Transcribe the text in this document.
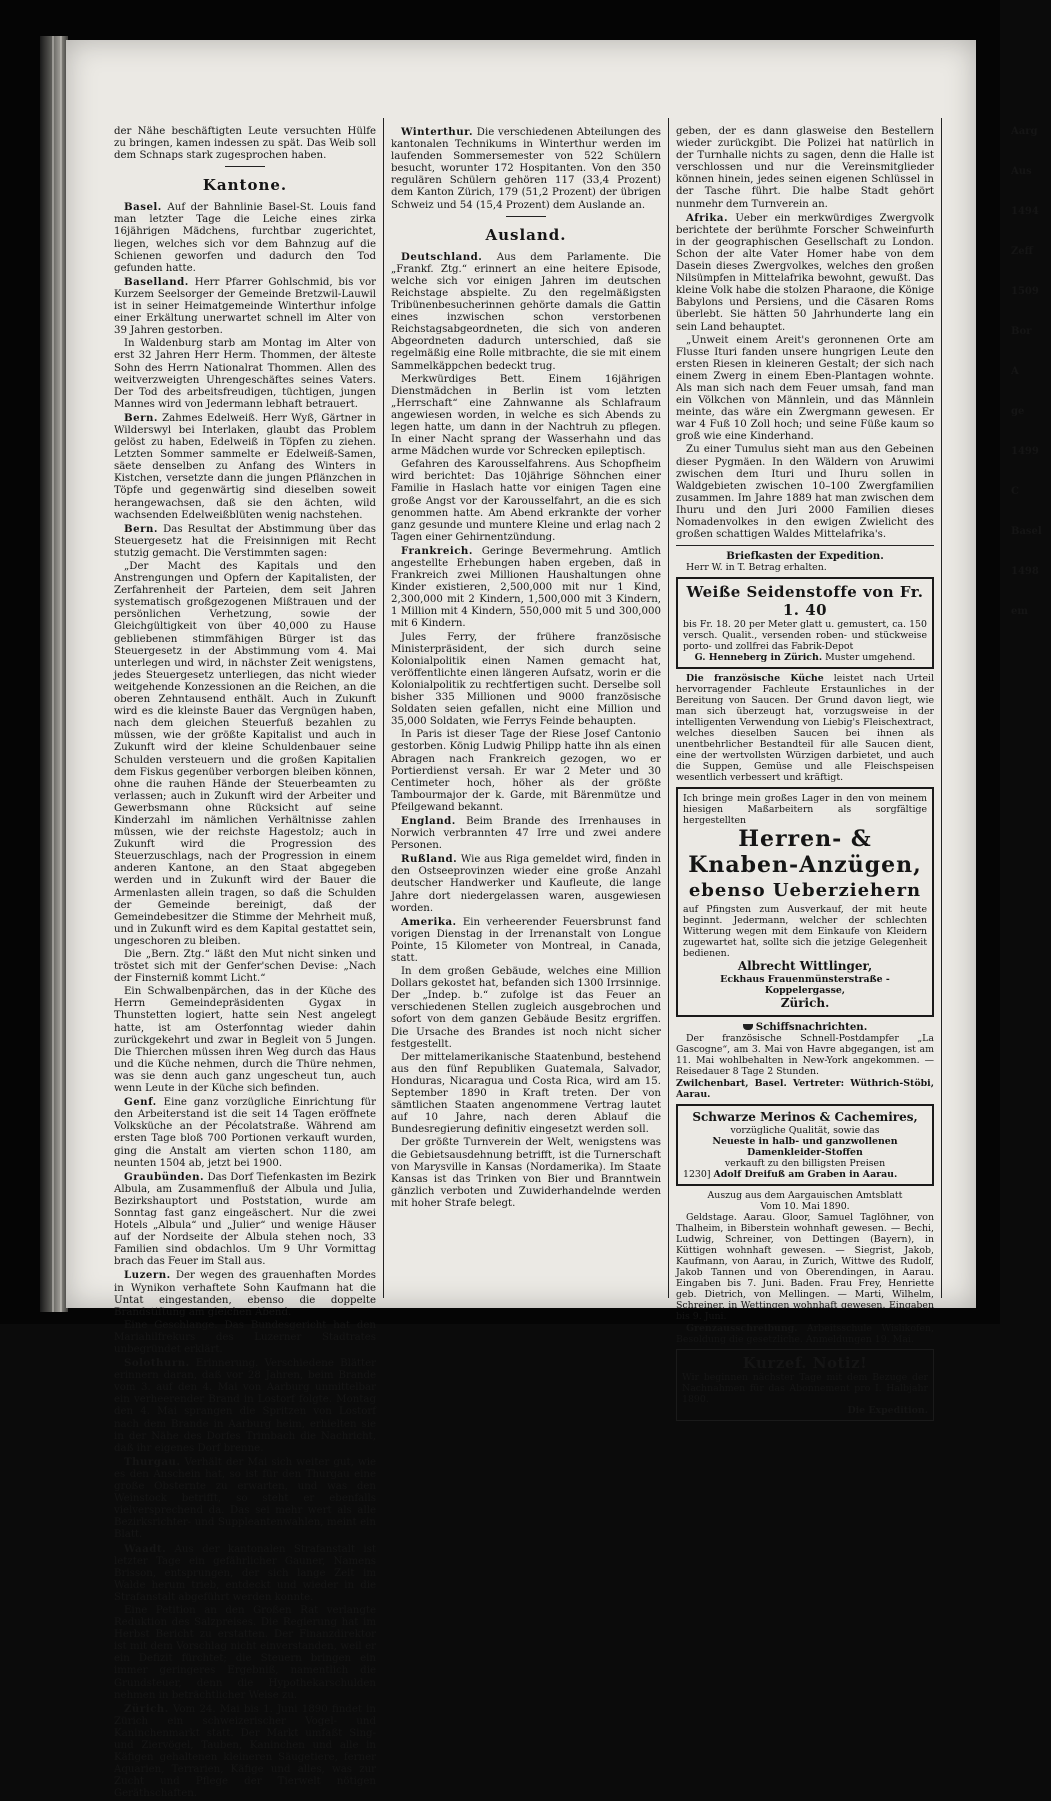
der Nähe beschäftigten Leute versuchten Hülfe zu bringen, kamen indessen zu spät. Das Weib soll dem Schnaps stark zugesprochen haben.

Kantone.

Basel. Auf der Bahnlinie Basel-St. Louis fand man letzter Tage die Leiche eines zirka 16jährigen Mädchens, furchtbar zugerichtet, liegen, welches sich vor dem Bahnzug auf die Schienen geworfen und dadurch den Tod gefunden hatte.

Baselland. Herr Pfarrer Gohlschmid, bis vor Kurzem Seelsorger der Gemeinde Bretzwil-Lauwil ist in seiner Heimatgemeinde Winterthur infolge einer Erkältung unerwartet schnell im Alter von 39 Jahren gestorben.

In Waldenburg starb am Montag im Alter von erst 32 Jahren Herr Herm. Thommen, der älteste Sohn des Herrn Nationalrat Thommen. Allen des weitverzweigten Uhrengeschäftes seines Vaters. Der Tod des arbeitsfreudigen, tüchtigen, jungen Mannes wird von Jedermann lebhaft betrauert.

Bern. Zahmes Edelweiß. Herr Wyß, Gärtner in Wilderswyl bei Interlaken, glaubt das Problem gelöst zu haben, Edelweiß in Töpfen zu ziehen. Letzten Sommer sammelte er Edelweiß-Samen, säete denselben zu Anfang des Winters in Kistchen, versetzte dann die jungen Pflänzchen in Töpfe und gegenwärtig sind dieselben soweit herangewachsen, daß sie den ächten, wild wachsenden Edelweißblüten wenig nachstehen.

Bern. Das Resultat der Abstimmung über das Steuergesetz hat die Freisinnigen mit Recht stutzig gemacht. Die Verstimmten sagen:

„Der Macht des Kapitals und den Anstrengungen und Opfern der Kapitalisten, der Zerfahrenheit der Parteien, dem seit Jahren systematisch großgezogenen Mißtrauen und der persönlichen Verhetzung, sowie der Gleichgültigkeit von über 40,000 zu Hause gebliebenen stimmfähigen Bürger ist das Steuergesetz in der Abstimmung vom 4. Mai unterlegen und wird, in nächster Zeit wenigstens, jedes Steuergesetz unterliegen, das nicht wieder weitgehende Konzessionen an die Reichen, an die oberen Zehntausend enthält. Auch in Zukunft wird es die kleinste Bauer das Vergnügen haben, nach dem gleichen Steuerfuß bezahlen zu müssen, wie der größte Kapitalist und auch in Zukunft wird der kleine Schuldenbauer seine Schulden versteuern und die großen Kapitalien dem Fiskus gegenüber verborgen bleiben können, ohne die rauhen Hände der Steuerbeamten zu verlassen; auch in Zukunft wird der Arbeiter und Gewerbsmann ohne Rücksicht auf seine Kinderzahl im nämlichen Verhältnisse zahlen müssen, wie der reichste Hagestolz; auch in Zukunft wird die Progression des Steuerzuschlags, nach der Progression in einem anderen Kantone, an den Staat abgegeben werden und in Zukunft wird der Bauer die Armenlasten allein tragen, so daß die Schulden der Gemeinde bereinigt, daß der Gemeindebesitzer die Stimme der Mehrheit muß, und in Zukunft wird es dem Kapital gestattet sein, ungeschoren zu bleiben.

Die „Bern. Ztg.“ läßt den Mut nicht sinken und tröstet sich mit der Genfer'schen Devise: „Nach der Finsterniß kommt Licht.“

Ein Schwalbenpärchen, das in der Küche des Herrn Gemeindepräsidenten Gygax in Thunstetten logiert, hatte sein Nest angelegt hatte, ist am Osterfonntag wieder dahin zurückgekehrt und zwar in Begleit von 5 Jungen. Die Thierchen müssen ihren Weg durch das Haus und die Küche nehmen, durch die Thüre nehmen, was sie denn auch ganz ungescheut tun, auch wenn Leute in der Küche sich befinden.

Genf. Eine ganz vorzügliche Einrichtung für den Arbeiterstand ist die seit 14 Tagen eröffnete Volksküche an der Pécolatstraße. Während am ersten Tage bloß 700 Portionen verkauft wurden, ging die Anstalt am vierten schon 1180, am neunten 1504 ab, jetzt bei 1900.

Graubünden. Das Dorf Tiefenkasten im Bezirk Albula, am Zusammenfluß der Albula und Julia, Bezirkshauptort und Poststation, wurde am Sonntag fast ganz eingeäschert. Nur die zwei Hotels „Albula“ und „Julier“ und wenige Häuser auf der Nordseite der Albula stehen noch, 33 Familien sind obdachlos. Um 9 Uhr Vormittag brach das Feuer im Stall aus.

Luzern. Der wegen des grauenhaften Mordes in Wynikon verhaftete Sohn Kaufmann hat die Untat eingestanden, ebenso die doppelte Brandstiftung am gleichen Abend.

Eine Geschlange. Das Bundesgericht hat den Mariahilfrekurs des Luzerner Stadtrates unbegründet erklärt.

Solothurn. Erinnerung. Verschiedene Blätter erinnern daran, daß vor 28 Jahren, beim Brande vom 3. auf den 4. Mai von Aarburg unmittelbar ein verheerender Brand in Lostorf folgte. Montag den 4. Mai sprangen die Spritzen von Lostorf nach dem Brande in Aarburg heim, erhielten sie in der Nähe des Dorfes Trimbach die Nachricht, daß ihr eigenes Dorf brenne.

Thurgau. Verhält der Mai sich weiter gut, wie es den Anschein hat, so ist für den Thurgau eine große Obsternte zu erwarten, und was den Weinstock betrifft, so steht er ebenfalls vielversprechend da. Das sei mehr wert als alle Bezirksrichter- und Suppleantenwahlen, meint ein Blatt.

Waadt. Aus der kantonalen Strafanstalt ist letzter Tage ein gefährlicher Gauner, Namens Brisson, entsprungen, der sich lange Zeit im Walde herum trieb, entdeckt und wieder in die Strafanstalt abgeführt werden konnte.

Eine Petition an den Großen Rat verlangte Reduktion des Salzpreises. Die Regierung hat im Herbst Bericht zu erstatten. Der Finanzdirektor ist mit dem Vorschlag nicht einverstanden, weil er ein Defizit fürchtet; die Steuern bringen ein immer geringeres Ergebniß, namentlich die Grundsteuer, denn die Hypothekarschulden nehmen in beträchtlicher Weise zu.

Zürich. Vom 24. Mai bis 1. Juni 1890 findet in Zürich ein schweizerischer Vogel- und Kaninchenmarkt statt. Der Markt umfaßt Sing- und Ziervögel, Tauben, Kaninchen und alle in Käfigen gehaltenen kleineren Säugetiere, ferner Aquarien, Terrarien, Käfige und alles, was zur Zucht und Pflege der Tierwelt nötigen Geräthschaften.

Winterthur. Die verschiedenen Abteilungen des kantonalen Technikums in Winterthur werden im laufenden Sommersemester von 522 Schülern besucht, worunter 172 Hospitanten. Von den 350 regulären Schülern gehören 117 (33,4 Prozent) dem Kanton Zürich, 179 (51,2 Prozent) der übrigen Schweiz und 54 (15,4 Prozent) dem Auslande an.

Ausland.

Deutschland. Aus dem Parlamente. Die „Frankf. Ztg.“ erinnert an eine heitere Episode, welche sich vor einigen Jahren im deutschen Reichstage abspielte. Zu den regelmäßigsten Tribünenbesucherinnen gehörte damals die Gattin eines inzwischen schon verstorbenen Reichstagsabgeordneten, die sich von anderen Abgeordneten dadurch unterschied, daß sie regelmäßig eine Rolle mitbrachte, die sie mit einem Sammelkäppchen bedeckt trug.

Merkwürdiges Bett. Einem 16jährigen Dienstmädchen in Berlin ist vom letzten „Herrschaft“ eine Zahnwanne als Schlafraum angewiesen worden, in welche es sich Abends zu legen hatte, um dann in der Nachtruh zu pflegen. In einer Nacht sprang der Wasserhahn und das arme Mädchen wurde vor Schrecken epileptisch.

Gefahren des Karousselfahrens. Aus Schopfheim wird berichtet: Das 10jährige Söhnchen einer Familie in Haslach hatte vor einigen Tagen eine große Angst vor der Karousselfahrt, an die es sich genommen hatte. Am Abend erkrankte der vorher ganz gesunde und muntere Kleine und erlag nach 2 Tagen einer Gehirnentzündung.

Frankreich. Geringe Bevermehrung. Amtlich angestellte Erhebungen haben ergeben, daß in Frankreich zwei Millionen Haushaltungen ohne Kinder existieren, 2,500,000 mit nur 1 Kind, 2,300,000 mit 2 Kindern, 1,500,000 mit 3 Kindern, 1 Million mit 4 Kindern, 550,000 mit 5 und 300,000 mit 6 Kindern.

Jules Ferry, der frühere französische Ministerpräsident, der sich durch seine Kolonialpolitik einen Namen gemacht hat, veröffentlichte einen längeren Aufsatz, worin er die Kolonialpolitik zu rechtfertigen sucht. Derselbe soll bisher 335 Millionen und 9000 französische Soldaten seien gefallen, nicht eine Million und 35,000 Soldaten, wie Ferrys Feinde behaupten.

In Paris ist dieser Tage der Riese Josef Cantonio gestorben. König Ludwig Philipp hatte ihn als einen Abragen nach Frankreich gezogen, wo er Portierdienst versah. Er war 2 Meter und 30 Centimeter hoch, höher als der größte Tambourmajor der k. Garde, mit Bärenmütze und Pfeilgewand bekannt.

England. Beim Brande des Irrenhauses in Norwich verbrannten 47 Irre und zwei andere Personen.

Rußland. Wie aus Riga gemeldet wird, finden in den Ostseeprovinzen wieder eine große Anzahl deutscher Handwerker und Kaufleute, die lange Jahre dort niedergelassen waren, ausgewiesen worden.

Amerika. Ein verheerender Feuersbrunst fand vorigen Dienstag in der Irrenanstalt von Longue Pointe, 15 Kilometer von Montreal, in Canada, statt.

In dem großen Gebäude, welches eine Million Dollars gekostet hat, befanden sich 1300 Irrsinnige. Der „Indep. b.“ zufolge ist das Feuer an verschiedenen Stellen zugleich ausgebrochen und sofort von dem ganzen Gebäude Besitz ergriffen. Die Ursache des Brandes ist noch nicht sicher festgestellt.

Der mittelamerikanische Staatenbund, bestehend aus den fünf Republiken Guatemala, Salvador, Honduras, Nicaragua und Costa Rica, wird am 15. September 1890 in Kraft treten. Der von sämtlichen Staaten angenommene Vertrag lautet auf 10 Jahre, nach deren Ablauf die Bundesregierung definitiv eingesetzt werden soll.

Der größte Turnverein der Welt, wenigstens was die Gebietsausdehnung betrifft, ist die Turnerschaft von Marysville in Kansas (Nordamerika). Im Staate Kansas ist das Trinken von Bier und Branntwein gänzlich verboten und Zuwiderhandelnde werden mit hoher Strafe belegt.

geben, der es dann glasweise den Bestellern wieder zurückgibt. Die Polizei hat natürlich in der Turnhalle nichts zu sagen, denn die Halle ist verschlossen und nur die Vereinsmitglieder können hinein, jedes seinen eigenen Schlüssel in der Tasche führt. Die halbe Stadt gehört nunmehr dem Turnverein an.

Afrika. Ueber ein merkwürdiges Zwergvolk berichtete der berühmte Forscher Schweinfurth in der geographischen Gesellschaft zu London. Schon der alte Vater Homer habe von dem Dasein dieses Zwergvolkes, welches den großen Nilsümpfen in Mittelafrika bewohnt, gewußt. Das kleine Volk habe die stolzen Pharaone, die Könige Babylons und Persiens, und die Cäsaren Roms überlebt. Sie hätten 50 Jahrhunderte lang ein sein Land behauptet.

„Unweit einem Areit's geronnenen Orte am Flusse Ituri fanden unsere hungrigen Leute den ersten Riesen in kleineren Gestalt; der sich nach einem Zwerg in einem Eben-Plantagen wohnte. Als man sich nach dem Feuer umsah, fand man ein Völkchen von Männlein, und das Männlein meinte, das wäre ein Zwergmann gewesen. Er war 4 Fuß 10 Zoll hoch; und seine Füße kaum so groß wie eine Kinderhand.

Zu einer Tumulus sieht man aus den Gebeinen dieser Pygmäen. In den Wäldern von Aruwimi zwischen dem Ituri und Ihuru sollen in Waldgebieten zwischen 10–100 Zwergfamilien zusammen. Im Jahre 1889 hat man zwischen dem Ihuru und den Juri 2000 Familien dieses Nomadenvolkes in den ewigen Zwielicht des großen schattigen Waldes Mittelafrika's.

Briefkasten der Expedition.

Herr W. in T. Betrag erhalten.

Weiße Seidenstoffe von Fr. 1. 40
bis Fr. 18. 20 per Meter glatt u. gemustert, ca. 150 versch. Qualit., versenden roben- und stückweise porto- und zollfrei das Fabrik-Depot
G. Henneberg in Zürich. Muster umgehend.

Die französische Küche leistet nach Urteil hervorragender Fachleute Erstaunliches in der Bereitung von Saucen. Der Grund davon liegt, wie man sich überzeugt hat, vorzugsweise in der intelligenten Verwendung von Liebig's Fleischextract, welches dieselben Saucen bei ihnen als unentbehrlicher Bestandteil für alle Saucen dient, eine der wertvollsten Würzigen darbietet, und auch die Suppen, Gemüse und alle Fleischspeisen wesentlich verbessert und kräftigt.

Ich bringe mein großes Lager in den von meinem hiesigen Maßarbeitern als sorgfältige hergestellten
Herren- & Knaben-Anzügen,
ebenso Ueberziehern
auf Pfingsten zum Ausverkauf, der mit heute beginnt. Jedermann, welcher der schlechten Witterung wegen mit dem Einkaufe von Kleidern zugewartet hat, sollte sich die jetzige Gelegenheit bedienen.
Albrecht Wittlinger,
Eckhaus Frauenmünsterstraße - Koppelergasse,
Zürich.
Schiffsnachrichten.

Der französische Schnell-Postdampfer „La Gascogne“, am 3. Mai von Havre abgegangen, ist am 11. Mai wohlbehalten in New-York angekommen. — Reisedauer 8 Tage 2 Stunden.

Zwilchenbart, Basel. Vertreter: Wüthrich-Stöbi, Aarau.

Schwarze Merinos & Cachemires,
vorzügliche Qualität, sowie das
Neueste in halb- und ganzwollenen Damenkleider-Stoffen
verkauft zu den billigsten Preisen
1230] Adolf Dreifuß am Graben in Aarau.
Auszug aus dem Aargauischen Amtsblatt
Vom 10. Mai 1890.

Geldstage. Aarau. Gloor, Samuel Taglöhner, von Thalheim, in Biberstein wohnhaft gewesen. — Bechi, Ludwig, Schreiner, von Dettingen (Bayern), in Küttigen wohnhaft gewesen. — Siegrist, Jakob, Kaufmann, von Aarau, in Zurich, Wittwe des Rudolf, Jakob Tannen und von Oberendingen, in Aarau. Eingaben bis 7. Juni. Baden. Frau Frey, Henriette geb. Dietrich, von Mellingen. — Marti, Wilhelm, Schreiner, in Wettingen wohnhaft gewesen. Eingaben bis 9. Juni.

Grenzausschreibung. Arbeitsschule Wislikofen, Besoldung die gesetzliche. Anmeldungen 19. Mai.

Kurzef. Notiz!
Wir beginnen nächster Tage mit dem Bezuge der Nachnahmen für das Abonnement pro I. Halbjahr 1890.
Die Expedition.
Aarg
Aus
1494
Zeff
1509
Bor
A
ge
1499
C
Basel
1498
em
